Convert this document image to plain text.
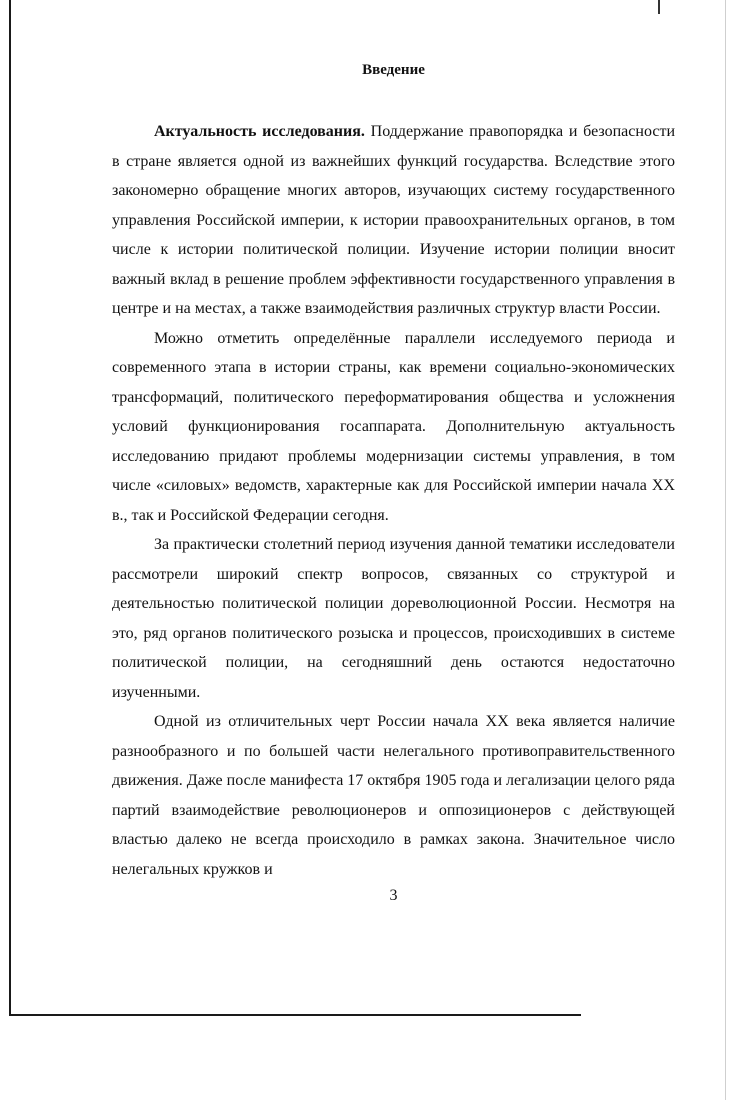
Введение

Актуальность исследования. Поддержание правопорядка и безопасности в стране является одной из важнейших функций государства. Вследствие этого закономерно обращение многих авторов, изучающих систему государственного управления Российской империи, к истории правоохранительных органов, в том числе к истории политической полиции. Изучение истории полиции вносит важный вклад в решение проблем эффективности государственного управления в центре и на местах, а также взаимодействия различных структур власти России.

Можно отметить определённые параллели исследуемого периода и современного этапа в истории страны, как времени социально-экономических трансформаций, политического переформатирования общества и усложнения условий функционирования госаппарата. Дополнительную актуальность исследованию придают проблемы модернизации системы управления, в том числе «силовых» ведомств, характерные как для Российской империи начала XX в., так и Российской Федерации сегодня.

За практически столетний период изучения данной тематики исследователи рассмотрели широкий спектр вопросов, связанных со структурой и деятельностью политической полиции дореволюционной России. Несмотря на это, ряд органов политического розыска и процессов, происходивших в системе политической полиции, на сегодняшний день остаются недостаточно изученными.

Одной из отличительных черт России начала XX века является наличие разнообразного и по большей части нелегального противоправительственного движения. Даже после манифеста 17 октября 1905 года и легализации целого ряда партий взаимодействие революционеров и оппозиционеров с действующей властью далеко не всегда происходило в рамках закона. Значительное число нелегальных кружков и

3
